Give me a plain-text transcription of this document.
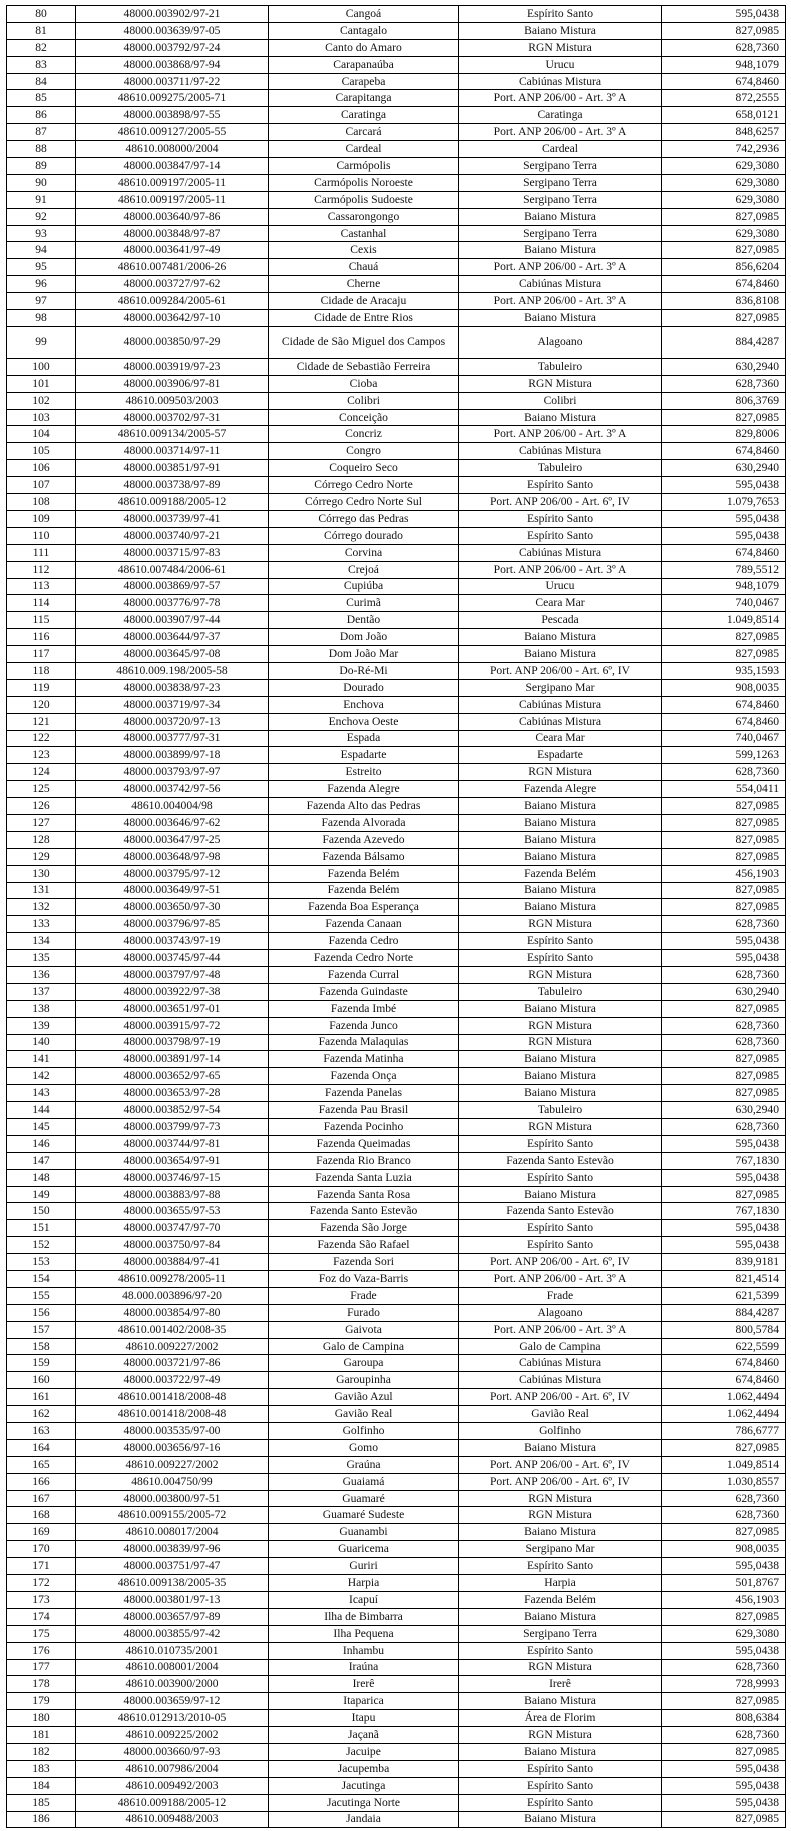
80	48000.003902/97-21	Cangoá	Espírito Santo	595,0438
81	48000.003639/97-05	Cantagalo	Baiano Mistura	827,0985
82	48000.003792/97-24	Canto do Amaro	RGN Mistura	628,7360
83	48000.003868/97-94	Carapanaúba	Urucu	948,1079
84	48000.003711/97-22	Carapeba	Cabiúnas Mistura	674,8460
85	48610.009275/2005-71	Carapitanga	Port. ANP 206/00 - Art. 3º A	872,2555
86	48000.003898/97-55	Caratinga	Caratinga	658,0121
87	48610.009127/2005-55	Carcará	Port. ANP 206/00 - Art. 3º A	848,6257
88	48610.008000/2004	Cardeal	Cardeal	742,2936
89	48000.003847/97-14	Carmópolis	Sergipano Terra	629,3080
90	48610.009197/2005-11	Carmópolis Noroeste	Sergipano Terra	629,3080
91	48610.009197/2005-11	Carmópolis Sudoeste	Sergipano Terra	629,3080
92	48000.003640/97-86	Cassarongongo	Baiano Mistura	827,0985
93	48000.003848/97-87	Castanhal	Sergipano Terra	629,3080
94	48000.003641/97-49	Cexis	Baiano Mistura	827,0985
95	48610.007481/2006-26	Chauá	Port. ANP 206/00 - Art. 3º A	856,6204
96	48000.003727/97-62	Cherne	Cabiúnas Mistura	674,8460
97	48610.009284/2005-61	Cidade de Aracaju	Port. ANP 206/00 - Art. 3º A	836,8108
98	48000.003642/97-10	Cidade de Entre Rios	Baiano Mistura	827,0985
99	48000.003850/97-29	Cidade de São Miguel dos Campos	Alagoano	884,4287
100	48000.003919/97-23	Cidade de Sebastião Ferreira	Tabuleiro	630,2940
101	48000.003906/97-81	Cioba	RGN Mistura	628,7360
102	48610.009503/2003	Colibri	Colibri	806,3769
103	48000.003702/97-31	Conceição	Baiano Mistura	827,0985
104	48610.009134/2005-57	Concriz	Port. ANP 206/00 - Art. 3º A	829,8006
105	48000.003714/97-11	Congro	Cabiúnas Mistura	674,8460
106	48000.003851/97-91	Coqueiro Seco	Tabuleiro	630,2940
107	48000.003738/97-89	Córrego Cedro Norte	Espírito Santo	595,0438
108	48610.009188/2005-12	Córrego Cedro Norte Sul	Port. ANP 206/00 - Art. 6º, IV	1.079,7653
109	48000.003739/97-41	Córrego das Pedras	Espírito Santo	595,0438
110	48000.003740/97-21	Córrego dourado	Espírito Santo	595,0438
111	48000.003715/97-83	Corvina	Cabiúnas Mistura	674,8460
112	48610.007484/2006-61	Crejoá	Port. ANP 206/00 - Art. 3º A	789,5512
113	48000.003869/97-57	Cupiúba	Urucu	948,1079
114	48000.003776/97-78	Curimã	Ceara Mar	740,0467
115	48000.003907/97-44	Dentão	Pescada	1.049,8514
116	48000.003644/97-37	Dom João	Baiano Mistura	827,0985
117	48000.003645/97-08	Dom João Mar	Baiano Mistura	827,0985
118	48610.009.198/2005-58	Do-Ré-Mi	Port. ANP 206/00 - Art. 6º, IV	935,1593
119	48000.003838/97-23	Dourado	Sergipano Mar	908,0035
120	48000.003719/97-34	Enchova	Cabiúnas Mistura	674,8460
121	48000.003720/97-13	Enchova Oeste	Cabiúnas Mistura	674,8460
122	48000.003777/97-31	Espada	Ceara Mar	740,0467
123	48000.003899/97-18	Espadarte	Espadarte	599,1263
124	48000.003793/97-97	Estreito	RGN Mistura	628,7360
125	48000.003742/97-56	Fazenda Alegre	Fazenda Alegre	554,0411
126	48610.004004/98	Fazenda Alto das Pedras	Baiano Mistura	827,0985
127	48000.003646/97-62	Fazenda Alvorada	Baiano Mistura	827,0985
128	48000.003647/97-25	Fazenda Azevedo	Baiano Mistura	827,0985
129	48000.003648/97-98	Fazenda Bálsamo	Baiano Mistura	827,0985
130	48000.003795/97-12	Fazenda Belém	Fazenda Belém	456,1903
131	48000.003649/97-51	Fazenda Belém	Baiano Mistura	827,0985
132	48000.003650/97-30	Fazenda Boa Esperança	Baiano Mistura	827,0985
133	48000.003796/97-85	Fazenda Canaan	RGN Mistura	628,7360
134	48000.003743/97-19	Fazenda Cedro	Espírito Santo	595,0438
135	48000.003745/97-44	Fazenda Cedro Norte	Espírito Santo	595,0438
136	48000.003797/97-48	Fazenda Curral	RGN Mistura	628,7360
137	48000.003922/97-38	Fazenda Guindaste	Tabuleiro	630,2940
138	48000.003651/97-01	Fazenda Imbé	Baiano Mistura	827,0985
139	48000.003915/97-72	Fazenda Junco	RGN Mistura	628,7360
140	48000.003798/97-19	Fazenda Malaquias	RGN Mistura	628,7360
141	48000.003891/97-14	Fazenda Matinha	Baiano Mistura	827,0985
142	48000.003652/97-65	Fazenda Onça	Baiano Mistura	827,0985
143	48000.003653/97-28	Fazenda Panelas	Baiano Mistura	827,0985
144	48000.003852/97-54	Fazenda Pau Brasil	Tabuleiro	630,2940
145	48000.003799/97-73	Fazenda Pocinho	RGN Mistura	628,7360
146	48000.003744/97-81	Fazenda Queimadas	Espírito Santo	595,0438
147	48000.003654/97-91	Fazenda Rio Branco	Fazenda Santo Estevão	767,1830
148	48000.003746/97-15	Fazenda Santa Luzia	Espírito Santo	595,0438
149	48000.003883/97-88	Fazenda Santa Rosa	Baiano Mistura	827,0985
150	48000.003655/97-53	Fazenda Santo Estevão	Fazenda Santo Estevão	767,1830
151	48000.003747/97-70	Fazenda São Jorge	Espírito Santo	595,0438
152	48000.003750/97-84	Fazenda São Rafael	Espírito Santo	595,0438
153	48000.003884/97-41	Fazenda Sori	Port. ANP 206/00 - Art. 6º, IV	839,9181
154	48610.009278/2005-11	Foz do Vaza-Barris	Port. ANP 206/00 - Art. 3º A	821,4514
155	48.000.003896/97-20	Frade	Frade	621,5399
156	48000.003854/97-80	Furado	Alagoano	884,4287
157	48610.001402/2008-35	Gaivota	Port. ANP 206/00 - Art. 3º A	800,5784
158	48610.009227/2002	Galo de Campina	Galo de Campina	622,5599
159	48000.003721/97-86	Garoupa	Cabiúnas Mistura	674,8460
160	48000.003722/97-49	Garoupinha	Cabiúnas Mistura	674,8460
161	48610.001418/2008-48	Gavião Azul	Port. ANP 206/00 - Art. 6º, IV	1.062,4494
162	48610.001418/2008-48	Gavião Real	Gavião Real	1.062,4494
163	48000.003535/97-00	Golfinho	Golfinho	786,6777
164	48000.003656/97-16	Gomo	Baiano Mistura	827,0985
165	48610.009227/2002	Graúna	Port. ANP 206/00 - Art. 6º, IV	1.049,8514
166	48610.004750/99	Guaiamá	Port. ANP 206/00 - Art. 6º, IV	1.030,8557
167	48000.003800/97-51	Guamaré	RGN Mistura	628,7360
168	48610.009155/2005-72	Guamaré Sudeste	RGN Mistura	628,7360
169	48610.008017/2004	Guanambi	Baiano Mistura	827,0985
170	48000.003839/97-96	Guaricema	Sergipano Mar	908,0035
171	48000.003751/97-47	Guriri	Espírito Santo	595,0438
172	48610.009138/2005-35	Harpia	Harpia	501,8767
173	48000.003801/97-13	Icapuí	Fazenda Belém	456,1903
174	48000.003657/97-89	Ilha de Bimbarra	Baiano Mistura	827,0985
175	48000.003855/97-42	Ilha Pequena	Sergipano Terra	629,3080
176	48610.010735/2001	Inhambu	Espírito Santo	595,0438
177	48610.008001/2004	Iraúna	RGN Mistura	628,7360
178	48610.003900/2000	Irerê	Irerê	728,9993
179	48000.003659/97-12	Itaparica	Baiano Mistura	827,0985
180	48610.012913/2010-05	Itapu	Área de Florim	808,6384
181	48610.009225/2002	Jaçanã	RGN Mistura	628,7360
182	48000.003660/97-93	Jacuipe	Baiano Mistura	827,0985
183	48610.007986/2004	Jacupemba	Espírito Santo	595,0438
184	48610.009492/2003	Jacutinga	Espírito Santo	595,0438
185	48610.009188/2005-12	Jacutinga Norte	Espírito Santo	595,0438
186	48610.009488/2003	Jandaia	Baiano Mistura	827,0985
